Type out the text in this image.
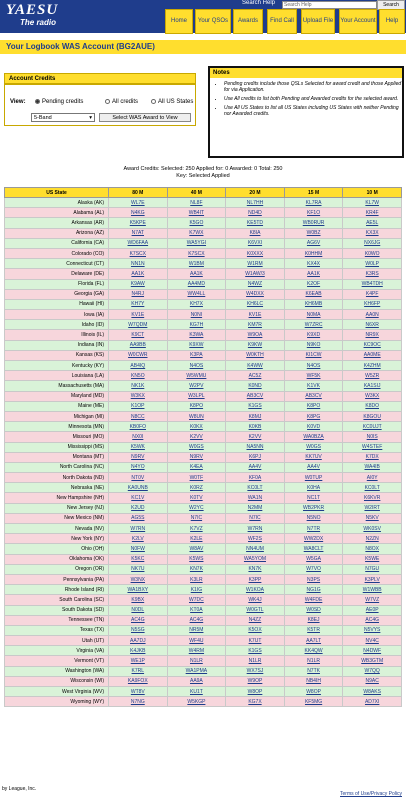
YAESU
The radio
Search Help	Search Help	Search
Home	Your QSOs	Awards	Find Call	Upload File	Your Account	Help
Your Logbook WAS Account (BG2AUE)
Account Credits
View:	Pending credits	All credits	All US States
5-Band	▾	Select WAS Award to View
Notes
• Pending credits include those QSLs Selected for award credit and those Applied for via Application.
• Use All credits to list both Pending and Awarded credits for the selected award.
• Use All US States to list all US States including US States with neither Pending nor Awarded credits.
Award Credits: Selected: 250 Applied for: 0 Awarded: 0 Total: 250
Key: Selected Applied
US State	80 M	40 M	20 M	15 M	10 M
Alaska (AK)	WL7E	NL8F	NL7HH	KL7RA	KL7W
Alabama (AL)	N4KG	WB4IT	ND4D	KF1O	KR4F
Arkansas (AR)	K5KPE	K5GO	KE5TD	WB0RUR	AE5L
Arizona (AZ)	N7AT	K7WX	K8IA	W0BZ	KX3X
California (CA)	WD6FAA	WA5YGI	K6VXI	AG6V	NX6JG
Colorado (CO)	K7SCX	K7SCX	K0XXX	K0HHM	K0WO
Connecticut (CT)	NN1N	W1BM	W1RM	KX4X	W0LP
Delaware (DE)	AA1K	AA1K	W1AW/3	AA1K	K3RS
Florida (FL)	K9AW	AA4MD	N4WZ	K2OF	WB4TDH
Georgia (GA)	N4RJ	WW4LL	W4DXX	K6EAB	K4PF
Hawaii (HI)	KH7Y	KH7X	KH6LC	KH6MB	KH6FP
Iowa (IA)	KV1E	N0NI	KV1E	N0MA	AA0N
Idaho (ID)	W7QDM	KG7H	KM7R	W7ZRC	N6XR
Illinois (IL)	K9CT	K3WA	W9OA	K9XD	NR9X
Indiana (IN)	AA9BB	K9XW	K9KW	N9KO	KC9OC
Kansas (KS)	W0CWR	K3PA	W0KTH	KI1CW	AA0ME
Kentucky (KY)	AB4IQ	N4OS	K4WW	N4OS	K4ZHM
Louisiana (LA)	KN5O	W5WMU	AC5Z	WF5K	W5ZR
Massachusetts (MA)	NK1K	W2PV	K0ND	K1VK	KA1SIJ
Maryland (MD)	W3KX	W3LPL	AB3CV	AB3CV	W3KX
Maine (ME)	K1OP	K8PO	K1GS	K8PO	K8DO
Michigan (MI)	N8CC	W8UN	K8MJ	K8PG	K8GOU
Minnesota (MN)	KB0FO	K0KX	K0KB	K0VD	KC0UJT
Missouri (MO)	NX0I	K2VV	K2VV	WA0BZA	N0IS
Mississippi (MS)	K5WK	W0GS	NA5NN	W0GS	W4STEF
Montana (MT)	N9RV	N9RV	K6PJ	KK7UV	K7DX
North Carolina (NC)	N4YO	K4EA	AA4V	AA4V	WA4IB
North Dakota (ND)	NT0V	W0TF	KF0A	W0TUP	AI0Y
Nebraska (NE)	KA0UNB	K0RZ	KC0LT	K0HA	KC0LT
New Hampshire (NH)	KC1V	K0TV	WA1N	NC1T	K6KVR
New Jersey (NJ)	K2UD	W2YC	N2MM	WB2PKR	W2IRT
New Mexico (NM)	AG5S	N7IC	N7IC	N5NO	N5KV
Nevada (NV)	W7RN	K7VZ	W7RN	N7TR	WK0SV
New York (NY)	K2LV	K2LE	WF2S	WW2DX	N2ZN
Ohio (OH)	N0FW	W8AV	NN4UM	WA8CLT	N8OX
Oklahoma (OK)	K5KC	K5WS	WA5YOM	W5GA	K5WE
Oregon (OR)	NK7U	KN7K	KN7K	W7VO	N7GU
Pennsylvania (PA)	W3NX	K3LR	K3PP	N3PS	K3PLV
Rhode Island (RI)	WA1BXY	K1IG	W1KOA	NG1G	W1WBB
South Carolina (SC)	K9BX	W7DC	WK4J	W4FDE	W7VZ
South Dakota (SD)	N0DL	KT0A	W0GTL	W0SD	AE0P
Tennessee (TN)	AC4G	AC4G	N4ZZ	K8EJ	AC4G
Texas (TX)	N5SG	NR5M	K5OX	K5TR	N5VYS
Utah (UT)	AA7DJ	WF4U	K7UT	AA7LT	NV4C
Virginia (VA)	K4JKB	W4RM	K1GS	KK4QW	N4DWF
Vermont (VT)	WE1P	N1LR	N1LR	N1LR	WB3GTM
Washington (WA)	K7RL	WA1PMA	WX7SJ	N7TK	W7QQ
Wisconsin (WI)	KA9FOX	AA9A	W9OP	NB4IH	N9AC
West Virginia (WV)	WT8V	KU1T	W8OP	W8OP	W8AKS
Wyoming (WY)	N7NG	W5KGP	KG7X	KF5MG	AD7XI
by League, Inc.
Terms of Use/Privacy Policy
